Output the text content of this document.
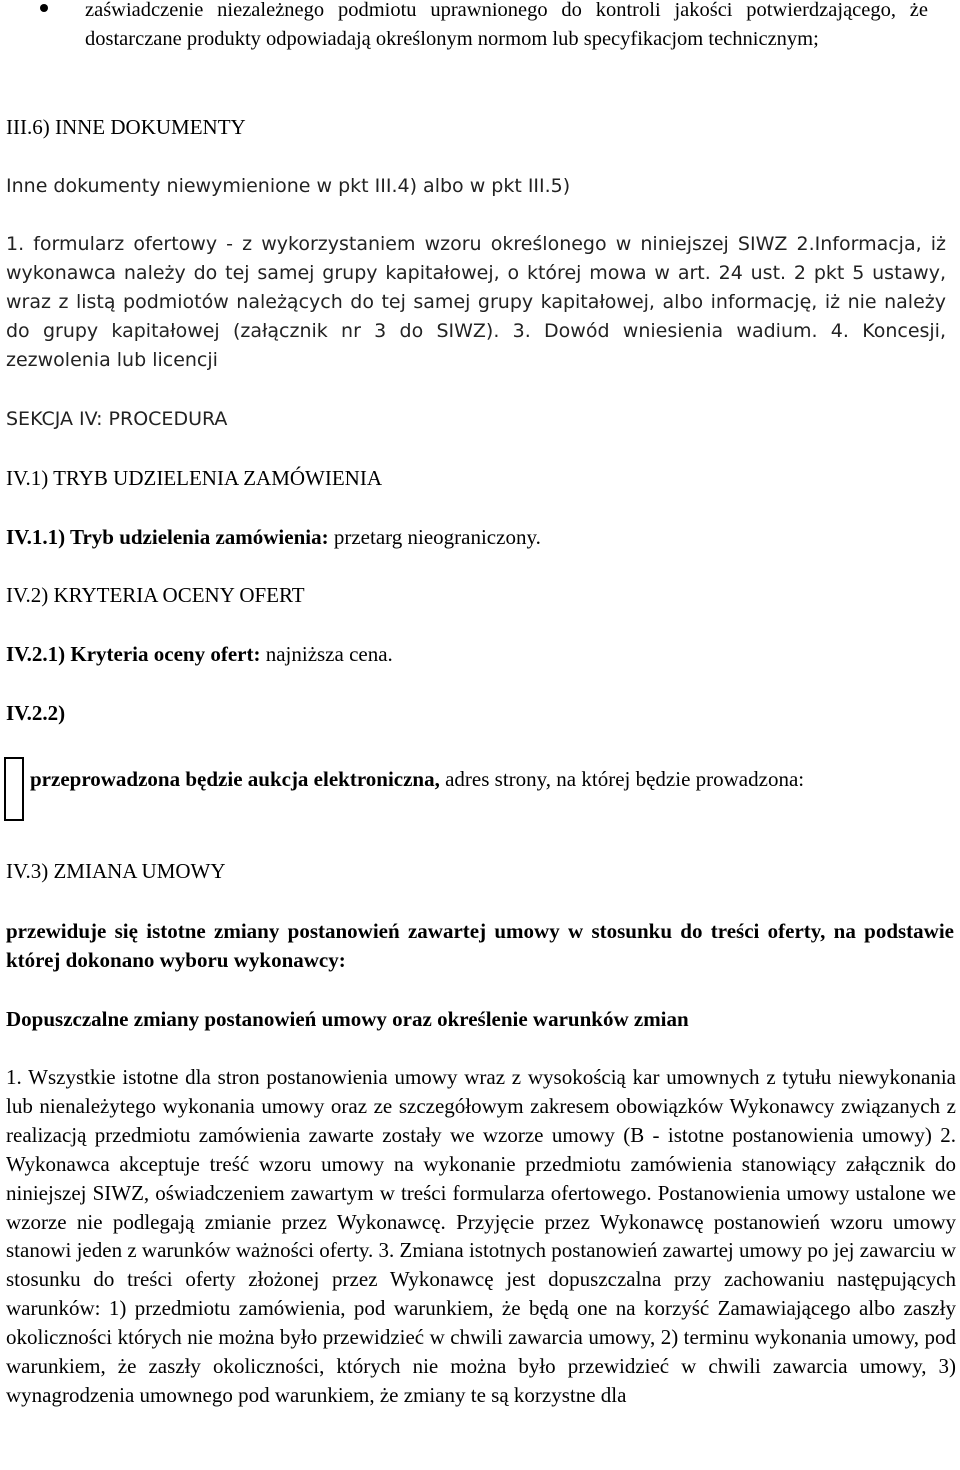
zaświadczenie niezależnego podmiotu uprawnionego do kontroli jakości potwierdzającego, że dostarczane produkty odpowiadają określonym normom lub specyfikacjom technicznym;
III.6) INNE DOKUMENTY
Inne dokumenty niewymienione w pkt III.4) albo w pkt III.5)
1. formularz ofertowy - z wykorzystaniem wzoru określonego w niniejszej SIWZ 2.Informacja, iż wykonawca należy do tej samej grupy kapitałowej, o której mowa w art. 24 ust. 2 pkt 5 ustawy, wraz z listą podmiotów należących do tej samej grupy kapitałowej, albo informację, iż nie należy do grupy kapitałowej (załącznik nr 3 do SIWZ). 3. Dowód wniesienia wadium. 4. Koncesji, zezwolenia lub licencji
SEKCJA IV: PROCEDURA
IV.1) TRYB UDZIELENIA ZAMÓWIENIA
IV.1.1) Tryb udzielenia zamówienia: przetarg nieograniczony.
IV.2) KRYTERIA OCENY OFERT
IV.2.1) Kryteria oceny ofert: najniższa cena.
IV.2.2)
przeprowadzona będzie aukcja elektroniczna, adres strony, na której będzie prowadzona:
IV.3) ZMIANA UMOWY
przewiduje się istotne zmiany postanowień zawartej umowy w stosunku do treści oferty, na podstawie której dokonano wyboru wykonawcy:
Dopuszczalne zmiany postanowień umowy oraz określenie warunków zmian
1. Wszystkie istotne dla stron postanowienia umowy wraz z wysokością kar umownych z tytułu niewykonania lub nienależytego wykonania umowy oraz ze szczegółowym zakresem obowiązków Wykonawcy związanych z realizacją przedmiotu zamówienia zawarte zostały we wzorze umowy (B - istotne postanowienia umowy) 2. Wykonawca akceptuje treść wzoru umowy na wykonanie przedmiotu zamówienia stanowiący załącznik do niniejszej SIWZ, oświadczeniem zawartym w treści formularza ofertowego. Postanowienia umowy ustalone we wzorze nie podlegają zmianie przez Wykonawcę. Przyjęcie przez Wykonawcę postanowień wzoru umowy stanowi jeden z warunków ważności oferty. 3. Zmiana istotnych postanowień zawartej umowy po jej zawarciu w stosunku do treści oferty złożonej przez Wykonawcę jest dopuszczalna przy zachowaniu następujących warunków: 1) przedmiotu zamówienia, pod warunkiem, że będą one na korzyść Zamawiającego albo zaszły okoliczności których nie można było przewidzieć w chwili zawarcia umowy, 2) terminu wykonania umowy, pod warunkiem, że zaszły okoliczności, których nie można było przewidzieć w chwili zawarcia umowy, 3) wynagrodzenia umownego pod warunkiem, że zmiany te są korzystne dla
